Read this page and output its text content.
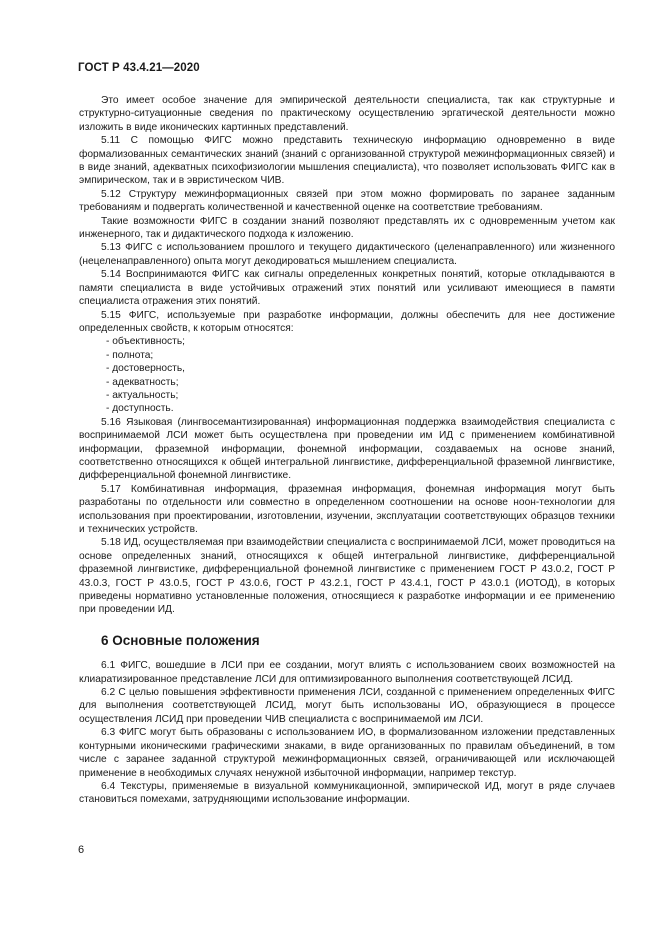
ГОСТ Р 43.4.21—2020

Это имеет особое значение для эмпирической деятельности специалиста, так как структурные и структурно-ситуационные сведения по практическому осуществлению эргатической деятельности можно изложить в виде иконических картинных представлений.

5.11 С помощью ФИГС можно представить техническую информацию одновременно в виде формализованных семантических знаний (знаний с организованной структурой межинформационных связей) и в виде знаний, адекватных психофизиологии мышления специалиста), что позволяет использовать ФИГС как в эмпирическом, так и в эвристическом ЧИВ.

5.12 Структуру межинформационных связей при этом можно формировать по заранее заданным требованиям и подвергать количественной и качественной оценке на соответствие требованиям.

Такие возможности ФИГС в создании знаний позволяют представлять их с одновременным учетом как инженерного, так и дидактического подхода к изложению.

5.13 ФИГС с использованием прошлого и текущего дидактического (целенаправленного) или жизненного (нецеленаправленного) опыта могут декодироваться мышлением специалиста.

5.14 Воспринимаются ФИГС как сигналы определенных конкретных понятий, которые откладываются в памяти специалиста в виде устойчивых отражений этих понятий или усиливают имеющиеся в памяти специалиста отражения этих понятий.

5.15 ФИГС, используемые при разработке информации, должны обеспечить для нее достижение определенных свойств, к которым относятся:

- объективность;
- полнота;
- достоверность,
- адекватность;
- актуальность;
- доступность.

5.16 Языковая (лингвосемантизированная) информационная поддержка взаимодействия специалиста с воспринимаемой ЛСИ может быть осуществлена при проведении им ИД с применением комбинативной информации, фраземной информации, фонемной информации, создаваемых на основе знаний, соответственно относящихся к общей интегральной лингвистике, дифференциальной фраземной лингвистике, дифференциальной фонемной лингвистике.

5.17 Комбинативная информация, фраземная информация, фонемная информация могут быть разработаны по отдельности или совместно в определенном соотношении на основе ноон-технологии для использования при проектировании, изготовлении, изучении, эксплуатации соответствующих образцов техники и технических устройств.

5.18 ИД, осуществляемая при взаимодействии специалиста с воспринимаемой ЛСИ, может проводиться на основе определенных знаний, относящихся к общей интегральной лингвистике, дифференциальной фраземной лингвистике, дифференциальной фонемной лингвистике с применением ГОСТ Р 43.0.2, ГОСТ Р 43.0.3, ГОСТ Р 43.0.5, ГОСТ Р 43.0.6, ГОСТ Р 43.2.1, ГОСТ Р 43.4.1, ГОСТ Р 43.0.1 (ИОТОД), в которых приведены нормативно установленные положения, относящиеся к разработке информации и ее применению при проведении ИД.

6 Основные положения

6.1 ФИГС, вошедшие в ЛСИ при ее создании, могут влиять с использованием своих возможностей на клиаратизированное представление ЛСИ для оптимизированного выполнения соответствующей ЛСИД.

6.2 С целью повышения эффективности применения ЛСИ, созданной с применением определенных ФИГС для выполнения соответствующей ЛСИД, могут быть использованы ИО, образующиеся в процессе осуществления ЛСИД при проведении ЧИВ специалиста с воспринимаемой им ЛСИ.

6.3 ФИГС могут быть образованы с использованием ИО, в формализованном изложении представленных контурными иконическими графическими знаками, в виде организованных по правилам объединений, в том числе с заранее заданной структурой межинформационных связей, ограничивающей или исключающей применение в необходимых случаях ненужной избыточной информации, например текстур.

6.4 Текстуры, применяемые в визуальной коммуникационной, эмпирической ИД, могут в ряде случаев становиться помехами, затрудняющими использование информации.

6
